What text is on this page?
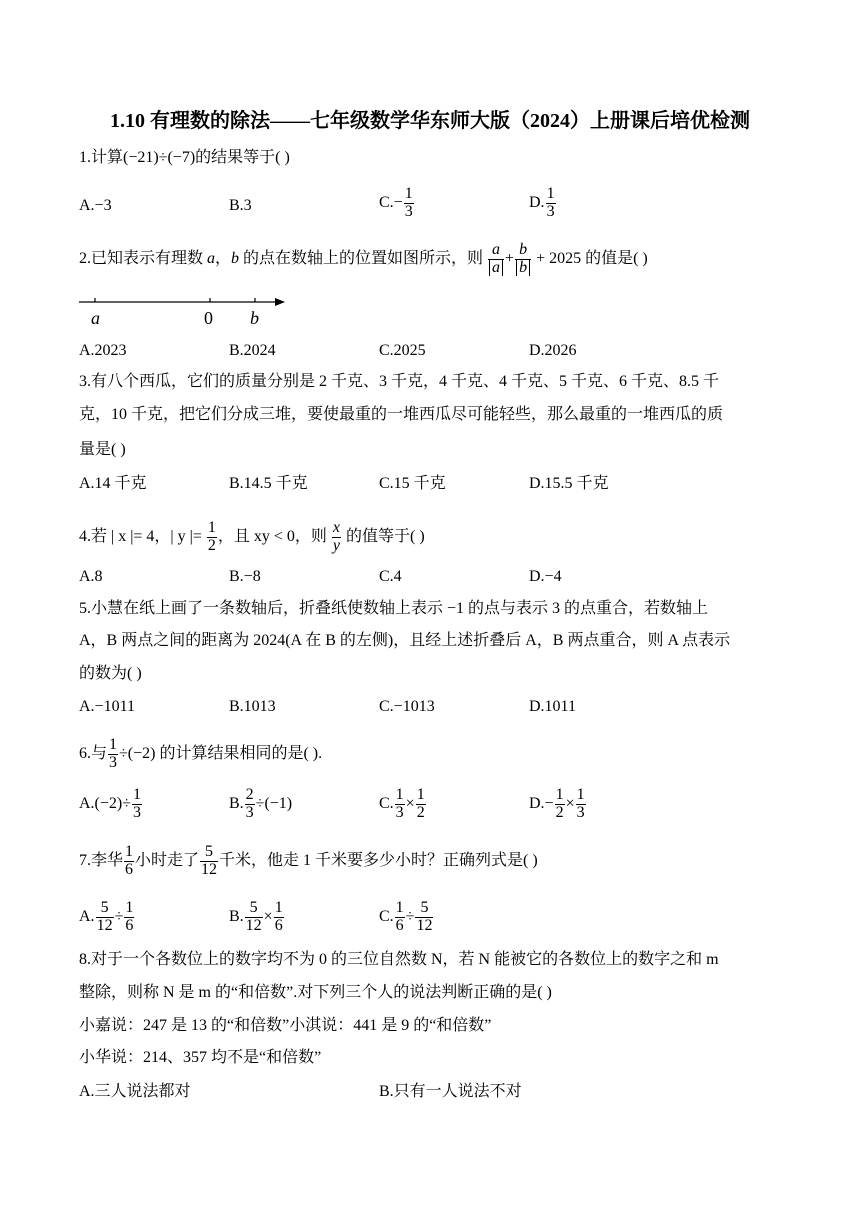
1.10 有理数的除法——七年级数学华东师大版（2024）上册课后培优检测
1.计算(−21)÷(−7)的结果等于( )
A.−3	B.3	$C.- \frac{1}{3}$	D. $\frac{1}{3}$
2.已知表示有理数 a，b 的点在数轴上的位置如图所示，则 $\frac{a}{a} + \frac{b}{b} + 2025$ 的值是( )
a	0 b
A.2023	B.2024	C.2025	D.2026
3.有八个西瓜，它们的质量分别是 2 千克、3 千克，4 千克、4 千克、5 千克、6 千克、8.5 千
克，10 千克，把它们分成三堆，要使最重的一堆西瓜尽可能轻些，那么最重的一堆西瓜的质
量是( )
A.14 千克	B.14.5 千克	C.15 千克	D.15.5 千克
4.若 | x |= 4，| y |= $\frac{1}{2}$ ，且 xy < 0，则 $\frac{x}{y}$ 的值等于( )
A.8	B.−8	C.4	D.−4
5.小慧在纸上画了一条数轴后，折叠纸使数轴上表示 −1 的点与表示 3 的点重合，若数轴上
A，B 两点之间的距离为 2024(A 在 B 的左侧)，且经上述折叠后 A，B 两点重合，则 A 点表示
的数为( )
A.−1011	B.1013	C.−1013	D.1011
6.与 $\frac{1}{3} \div(-2)$ 的计算结果相同的是( ).
$A.(-2)\div \frac{1}{3}$	B. $\frac{2}{3} \div(-1)$	C. $\frac{1}{3} \times \frac{1}{2}$	$D.- \frac{1}{2} \times \frac{1}{3}$
7.李华 $\frac{1}{6}$ 小时走了 $\frac{5}{12}$ 千米，他走 1 千米要多少小时？正确列式是( )
A. $\frac{5}{12} \div \frac{1}{6}$	B. $\frac{5}{12} \times \frac{1}{6}$	C. $\frac{1}{6} \div \frac{5}{12}$
8.对于一个各数位上的数字均不为 0 的三位自然数 N，若 N 能被它的各数位上的数字之和 m
整除，则称 N 是 m 的“和倍数”.对下列三个人的说法判断正确的是( )
小嘉说：247 是 13 的“和倍数”小淇说：441 是 9 的“和倍数”
小华说：214、357 均不是“和倍数”
A.三人说法都对	B.只有一人说法不对
